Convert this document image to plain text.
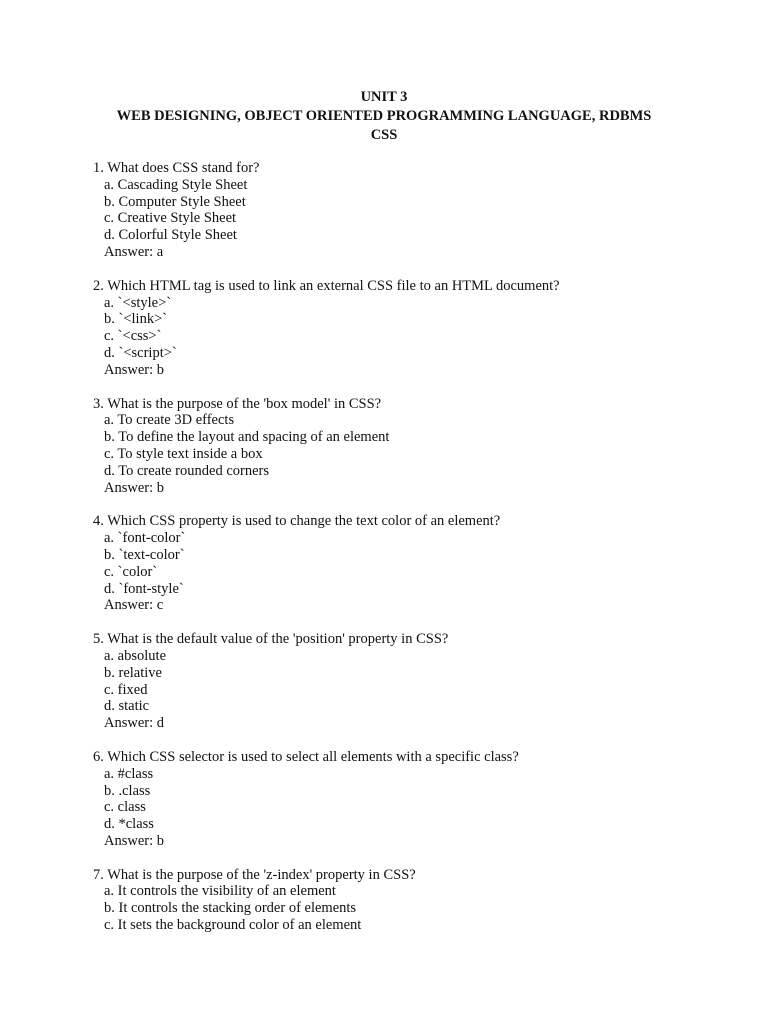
UNIT 3
WEB DESIGNING, OBJECT ORIENTED PROGRAMMING LANGUAGE, RDBMS
CSS
1. What does CSS stand for?
a. Cascading Style Sheet
b. Computer Style Sheet
c. Creative Style Sheet
d. Colorful Style Sheet
Answer: a
2. Which HTML tag is used to link an external CSS file to an HTML document?
a. `<style>`
b. `<link>`
c. `<css>`
d. `<script>`
Answer: b
3. What is the purpose of the 'box model' in CSS?
a. To create 3D effects
b. To define the layout and spacing of an element
c. To style text inside a box
d. To create rounded corners
Answer: b
4. Which CSS property is used to change the text color of an element?
a. `font-color`
b. `text-color`
c. `color`
d. `font-style`
Answer: c
5. What is the default value of the 'position' property in CSS?
a. absolute
b. relative
c. fixed
d. static
Answer: d
6. Which CSS selector is used to select all elements with a specific class?
a. #class
b. .class
c. class
d. *class
Answer: b
7. What is the purpose of the 'z-index' property in CSS?
a. It controls the visibility of an element
b. It controls the stacking order of elements
c. It sets the background color of an element
